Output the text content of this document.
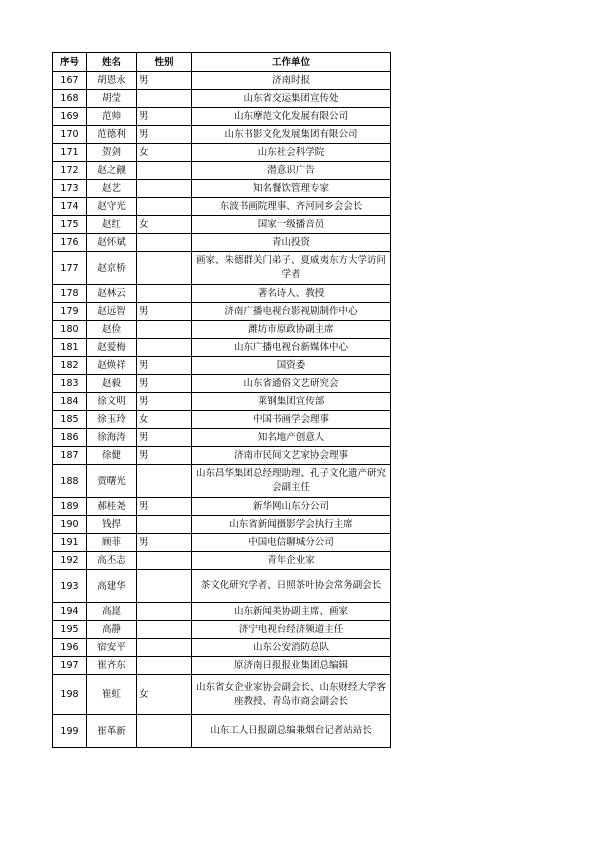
序号	姓名	性别	工作单位
167	胡恩永	男	济南时报
168	胡莹		山东省交运集团宣传处
169	范帅	男	山东摩范文化发展有限公司
170	范德利	男	山东书影文化发展集团有限公司
171	贺剑	女	山东社会科学院
172	赵之觎		潜意识广告
173	赵艺		知名餐饮管理专家
174	赵守光		东波书画院理事、齐河同乡会会长
175	赵红	女	国家一级播音员
176	赵怀斌		青山投资
177	赵京桥		画家、朱德群关门弟子、夏威夷东方大学访问学者
178	赵林云		著名诗人、教授
179	赵远智	男	济南广播电视台影视剧制作中心
180	赵俭		潍坊市原政协副主席
181	赵爱梅		山东广播电视台新媒体中心
182	赵焕祥	男	国资委
183	赵毅	男	山东省通俗文艺研究会
184	徐文明	男	莱钢集团宣传部
185	徐玉玲	女	中国书画学会理事
186	徐海涛	男	知名地产创意人
187	徐健	男	济南市民间文艺家协会理事
188	贾曙光		山东昌华集团总经理助理、孔子文化遗产研究会副主任
189	郝桂尧	男	新华网山东分公司
190	钱捍		山东省新闻摄影学会执行主席
191	顾菲	男	中国电信聊城分公司
192	高丕志		青年企业家
193	高建华		茶文化研究学者、日照茶叶协会常务副会长
194	高崑		山东新闻美协副主席、画家
195	高静		济宁电视台经济频道主任
196	宿安平		山东公安消防总队
197	崔齐东		原济南日报报业集团总编辑
198	崔虹	女	山东省女企业家协会副会长、山东财经大学客座教授、青岛市商会副会长
199	崔革新		山东工人日报副总编兼烟台记者站站长
